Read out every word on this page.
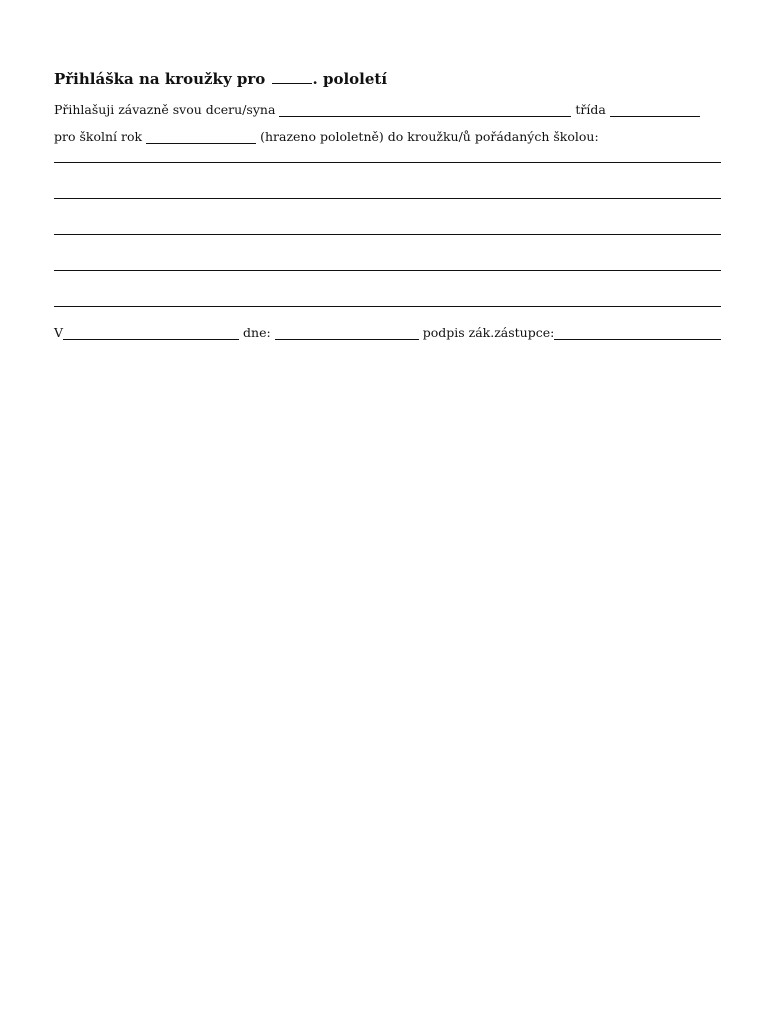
Přihláška na kroužky pro	. pololetí
Přihlašuji závazně svou dceru/syna	třída
pro školní rok	(hrazeno pololetně) do kroužku/ů pořádaných školou:
V	dne:	podpis zák.zástupce:
